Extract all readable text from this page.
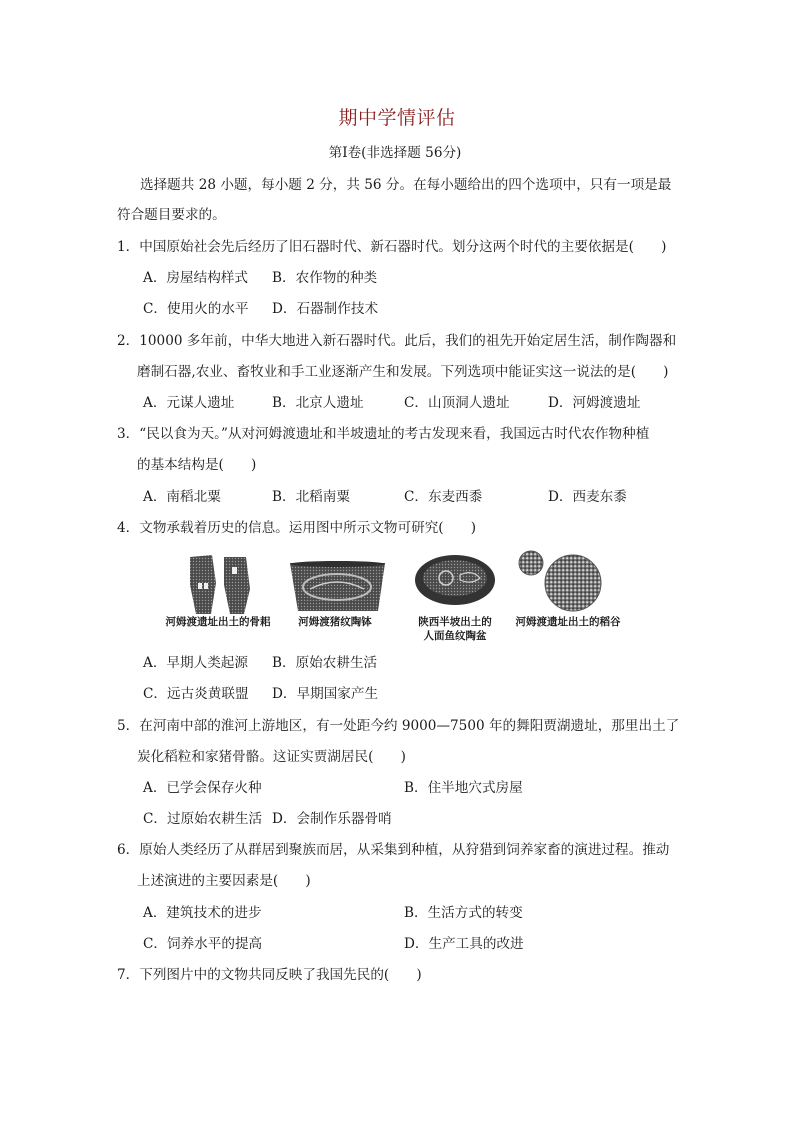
期中学情评估
第Ⅰ卷(非选择题 56分)
选择题共 28 小题，每小题 2 分，共 56 分。在每小题给出的四个选项中，只有一项是最
符合题目要求的。
1．中国原始社会先后经历了旧石器时代、新石器时代。划分这两个时代的主要依据是(　　)
A．房屋结构样式 B．农作物的种类
C．使用火的水平 D．石器制作技术
2．10000 多年前，中华大地进入新石器时代。此后，我们的祖先开始定居生活，制作陶器和
磨制石器,农业、畜牧业和手工业逐渐产生和发展。下列选项中能证实这一说法的是(　　)
A．元谋人遗址	B．北京人遗址	C．山顶洞人遗址	D．河姆渡遗址
3．“民以食为天。”从对河姆渡遗址和半坡遗址的考古发现来看，我国远古时代农作物种植
的基本结构是(　　)
A．南稻北粟	B．北稻南粟	C．东麦西黍	D．西麦东黍
4．文物承载着历史的信息。运用图中所示文物可研究(　　)
河姆渡遗址出土的骨耜	河姆渡猪纹陶钵	陕西半坡出土的
人面鱼纹陶盆
河姆渡遗址出土的稻谷
A．早期人类起源 B．原始农耕生活
C．远古炎黄联盟 D．早期国家产生
5．在河南中部的淮河上游地区，有一处距今约 9000—7500 年的舞阳贾湖遗址，那里出土了
炭化稻粒和家猪骨骼。这证实贾湖居民(　　)
A．已学会保存火种	B．住半地穴式房屋
C．过原始农耕生活 D．会制作乐器骨哨
6．原始人类经历了从群居到聚族而居，从采集到种植，从狩猎到饲养家畜的演进过程。推动
上述演进的主要因素是(　　)
A．建筑技术的进步	B．生活方式的转变
C．饲养水平的提高	D．生产工具的改进
7．下列图片中的文物共同反映了我国先民的(　　)
